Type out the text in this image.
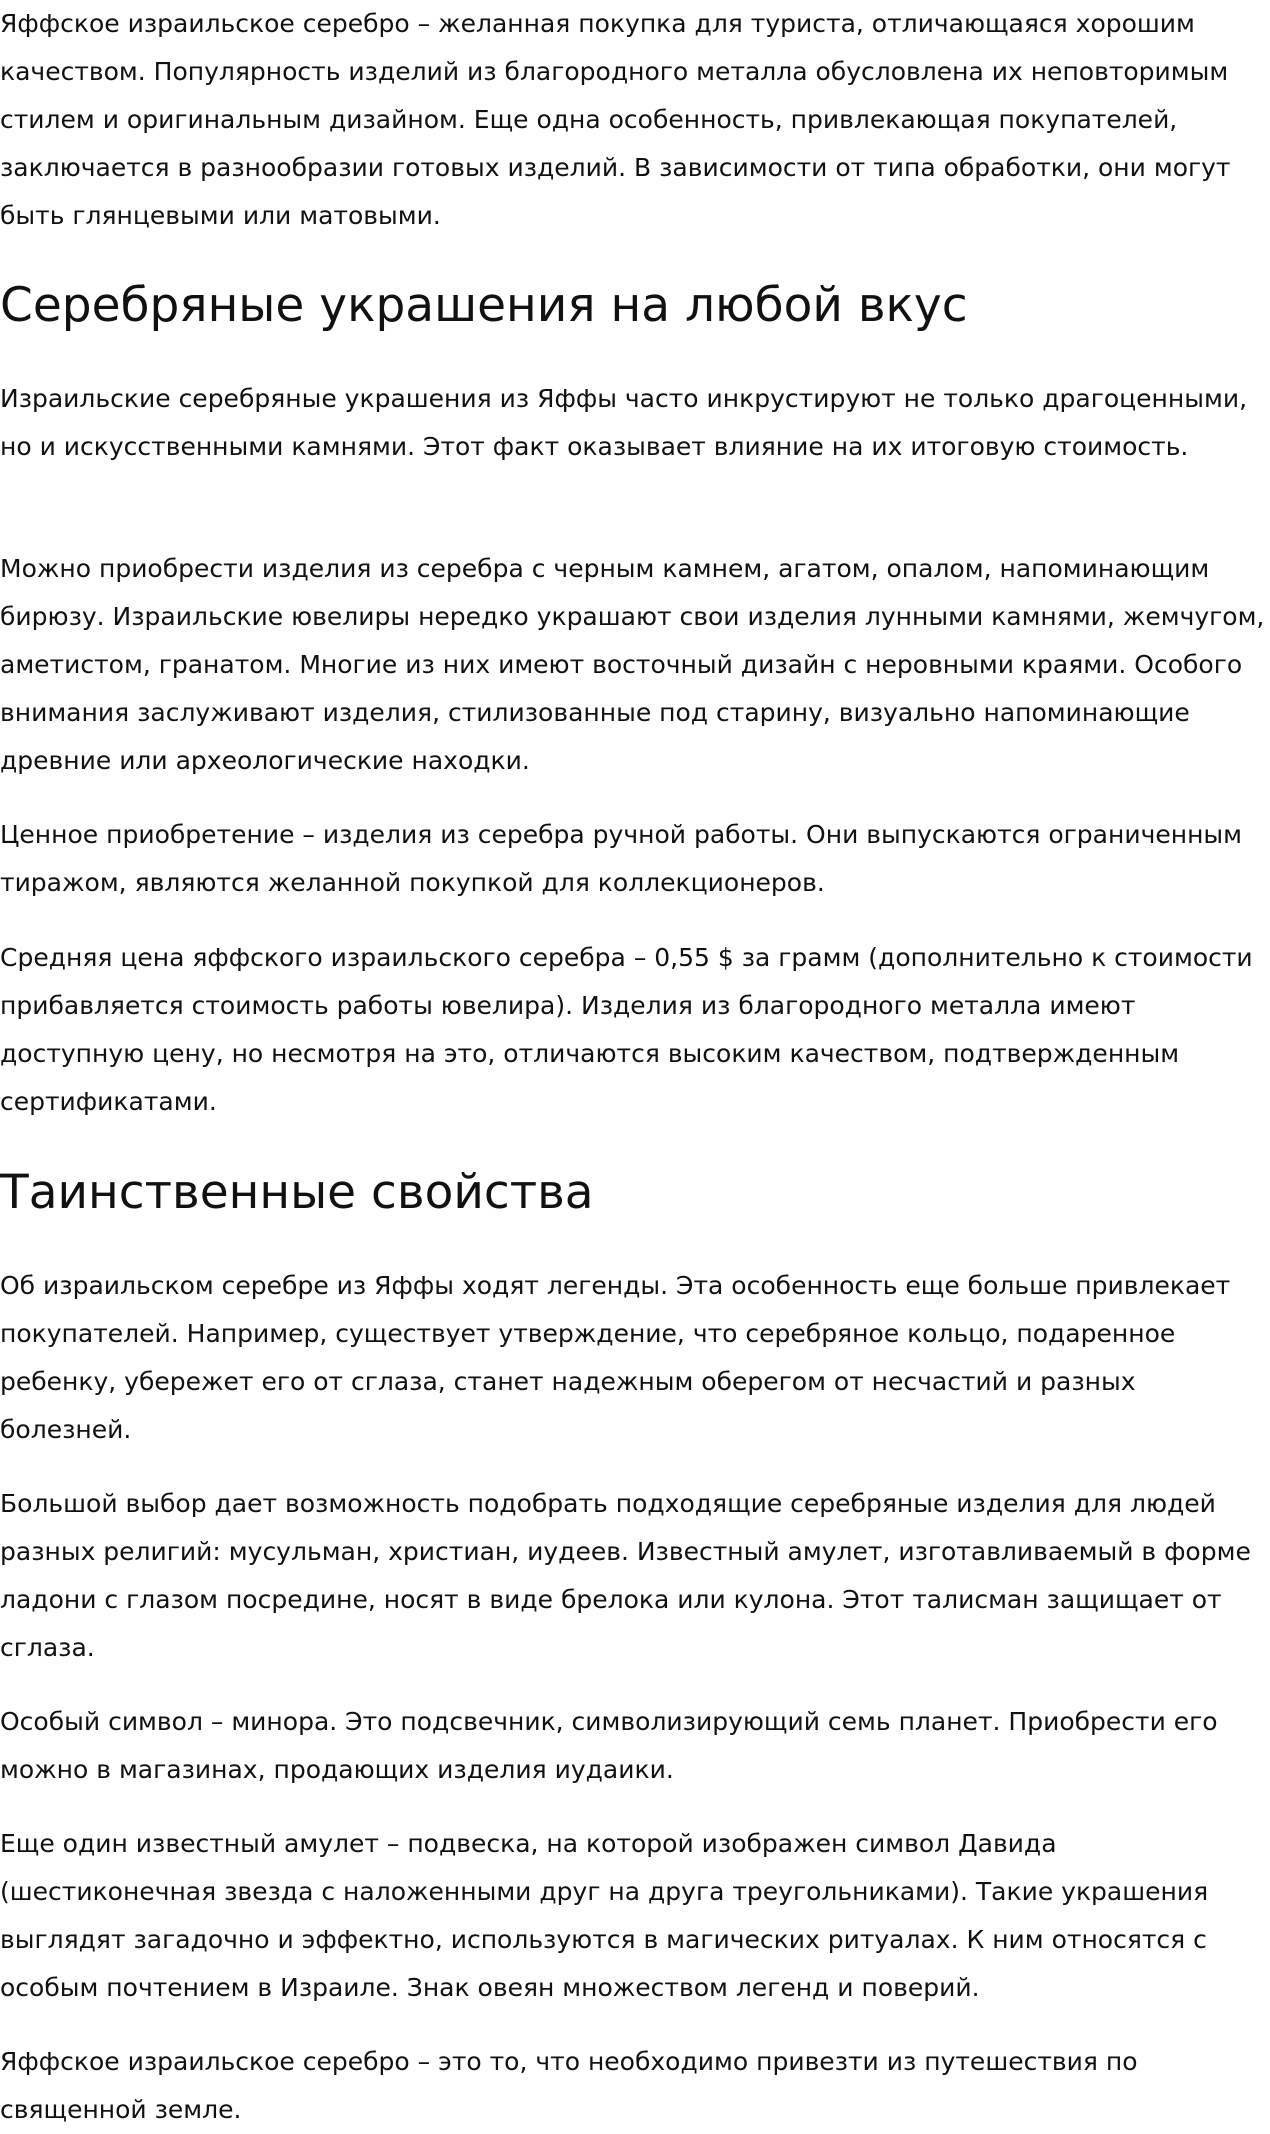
Яффское израильское серебро – желанная покупка для туриста, отличающаяся хорошим качеством. Популярность изделий из благородного металла обусловлена их неповторимым стилем и оригинальным дизайном. Еще одна особенность, привлекающая покупателей, заключается в разнообразии готовых изделий. В зависимости от типа обработки, они могут быть глянцевыми или матовыми.

Серебряные украшения на любой вкус

Израильские серебряные украшения из Яффы часто инкрустируют не только драгоценными, но и искусственными камнями. Этот факт оказывает влияние на их итоговую стоимость.

Можно приобрести изделия из серебра с черным камнем, агатом, опалом, напоминающим бирюзу. Израильские ювелиры нередко украшают свои изделия лунными камнями, жемчугом, аметистом, гранатом. Многие из них имеют восточный дизайн с неровными краями. Особого внимания заслуживают изделия, стилизованные под старину, визуально напоминающие древние или археологические находки.

Ценное приобретение – изделия из серебра ручной работы. Они выпускаются ограниченным тиражом, являются желанной покупкой для коллекционеров.

Средняя цена яффского израильского серебра – 0,55 $ за грамм (дополнительно к стоимости прибавляется стоимость работы ювелира). Изделия из благородного металла имеют доступную цену, но несмотря на это, отличаются высоким качеством, подтвержденным сертификатами.

Таинственные свойства

Об израильском серебре из Яффы ходят легенды. Эта особенность еще больше привлекает покупателей. Например, существует утверждение, что серебряное кольцо, подаренное ребенку, убережет его от сглаза, станет надежным оберегом от несчастий и разных болезней.

Большой выбор дает возможность подобрать подходящие серебряные изделия для людей разных религий: мусульман, христиан, иудеев. Известный амулет, изготавливаемый в форме ладони с глазом посредине, носят в виде брелока или кулона. Этот талисман защищает от сглаза.

Особый символ – минора. Это подсвечник, символизирующий семь планет. Приобрести его можно в магазинах, продающих изделия иудаики.

Еще один известный амулет – подвеска, на которой изображен символ Давида (шестиконечная звезда с наложенными друг на друга треугольниками). Такие украшения выглядят загадочно и эффектно, используются в магических ритуалах. К ним относятся с особым почтением в Израиле. Знак овеян множеством легенд и поверий.

Яффское израильское серебро – это то, что необходимо привезти из путешествия по священной земле.
